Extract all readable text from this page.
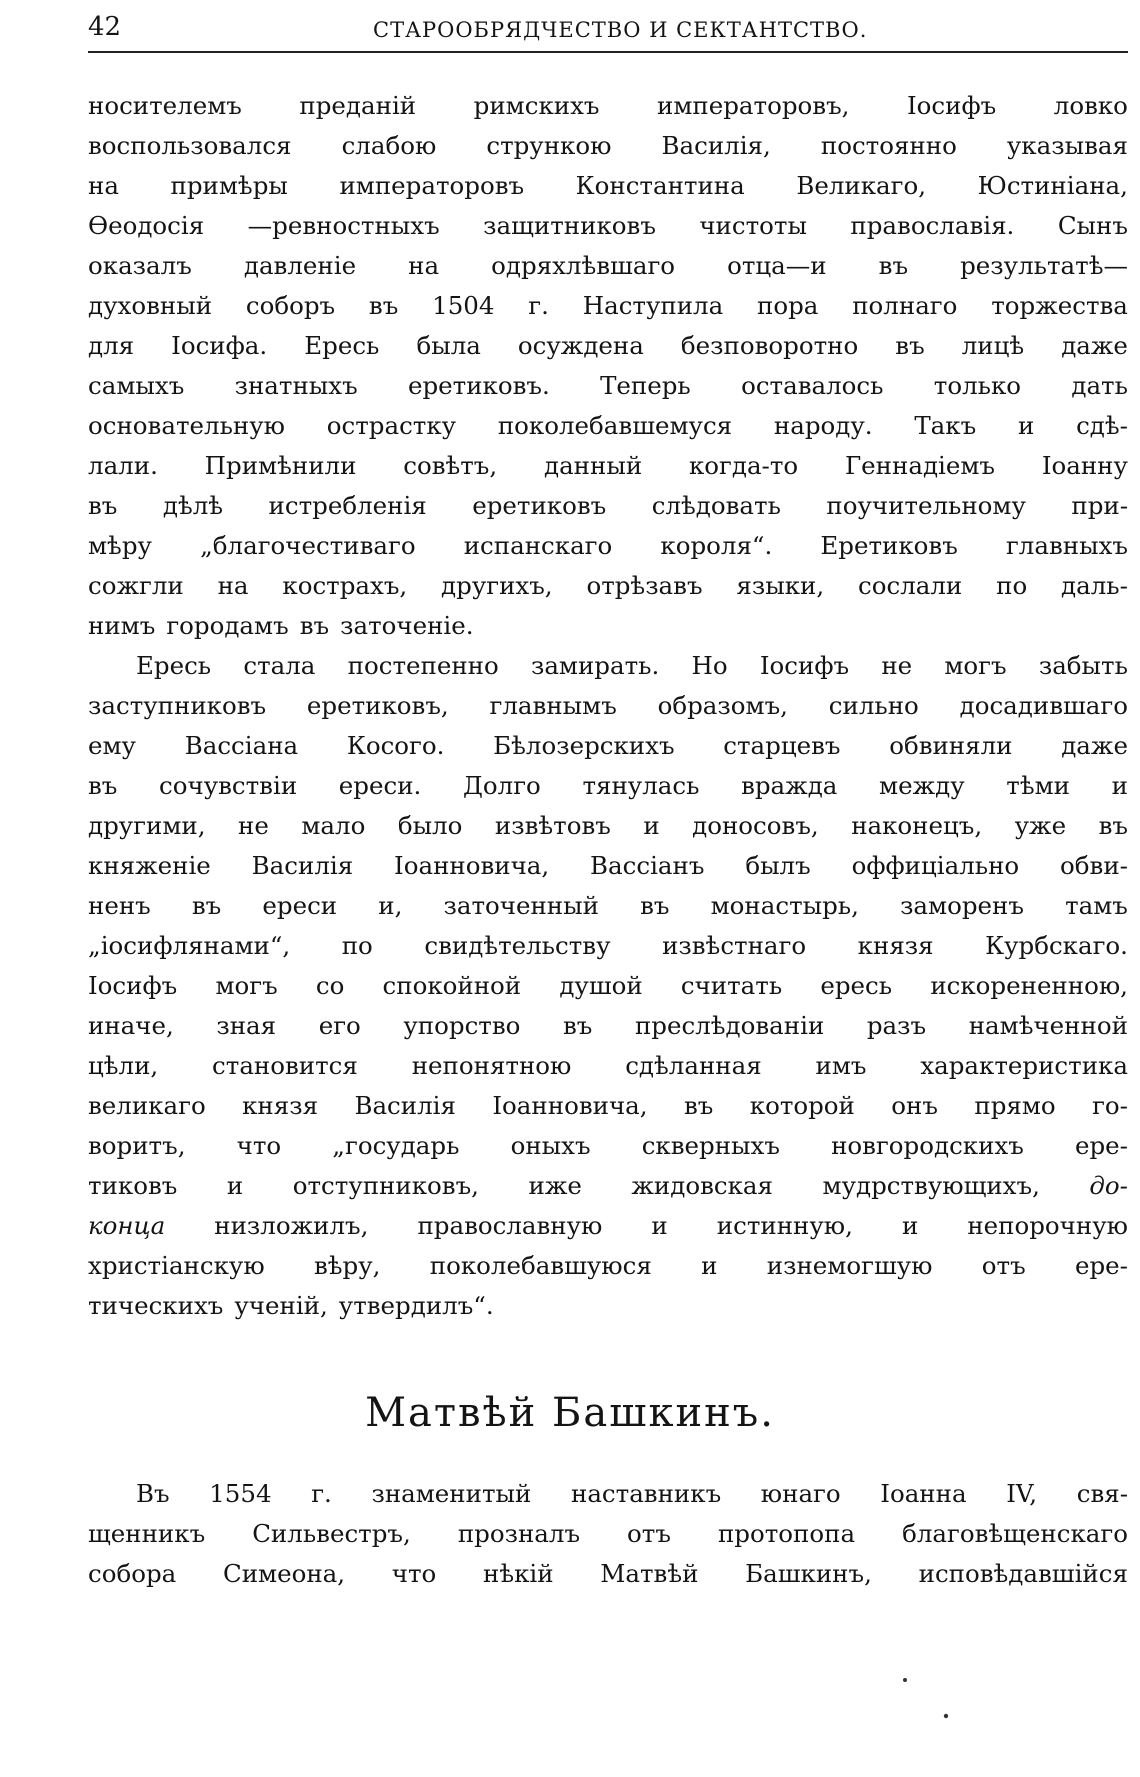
42	СТАРООБРЯДЧЕСТВО И СЕКТАНТСТВО.
носителемъ преданій римскихъ императоровъ, Іосифъ ловко
воспользовался слабою стрункою Василія, постоянно указывая
на примѣры императоровъ Константина Великаго, Юстиніана,
Өеодосія —ревностныхъ защитниковъ чистоты православія. Сынъ
оказалъ давленіе на одряхлѣвшаго отца—и въ результатѣ—
духовный соборъ въ 1504 г. Наступила пора полнаго торжества
для Іосифа. Ересь была осуждена безповоротно въ лицѣ даже
самыхъ знатныхъ еретиковъ. Теперь оставалось только дать
основательную острастку поколебавшемуся народу. Такъ и сдѣ-
лали. Примѣнили совѣтъ, данный когда-то Геннадіемъ Іоанну
въ дѣлѣ истребленія еретиковъ слѣдовать поучительному при-
мѣру „благочестиваго испанскаго короля“. Еретиковъ главныхъ
сожгли на кострахъ, другихъ, отрѣзавъ языки, сослали по даль-
нимъ городамъ въ заточеніе.
Ересь стала постепенно замирать. Но Іосифъ не могъ забыть
заступниковъ еретиковъ, главнымъ образомъ, сильно досадившаго
ему Вассіана Косого. Бѣлозерскихъ старцевъ обвиняли даже
въ сочувствіи ереси. Долго тянулась вражда между тѣми и
другими, не мало было извѣтовъ и доносовъ, наконецъ, уже въ
княженіе Василія Іоанновича, Вассіанъ былъ оффиціально обви-
ненъ въ ереси и, заточенный въ монастырь, заморенъ тамъ
„іосифлянами“, по свидѣтельству извѣстнаго князя Курбскаго.
Іосифъ могъ со спокойной душой считать ересь искорененною,
иначе, зная его упорство въ преслѣдованіи разъ намѣченной
цѣли, становится непонятною сдѣланная имъ характеристика
великаго князя Василія Іоанновича, въ которой онъ прямо го-
воритъ, что „государь оныхъ скверныхъ новгородскихъ ере-
тиковъ и отступниковъ, иже жидовская мудрствующихъ, до-
конца низложилъ, православную и истинную, и непорочную
христіанскую вѣру, поколебавшуюся и изнемогшую отъ ере-
тическихъ ученій, утвердилъ“.
Матвѣй Башкинъ.
Въ 1554 г. знаменитый наставникъ юнаго Іоанна IV, свя-
щенникъ Сильвестръ, прозналъ отъ протопопа благовѣщенскаго
собора Симеона, что нѣкій Матвѣй Башкинъ, исповѣдавшійся
